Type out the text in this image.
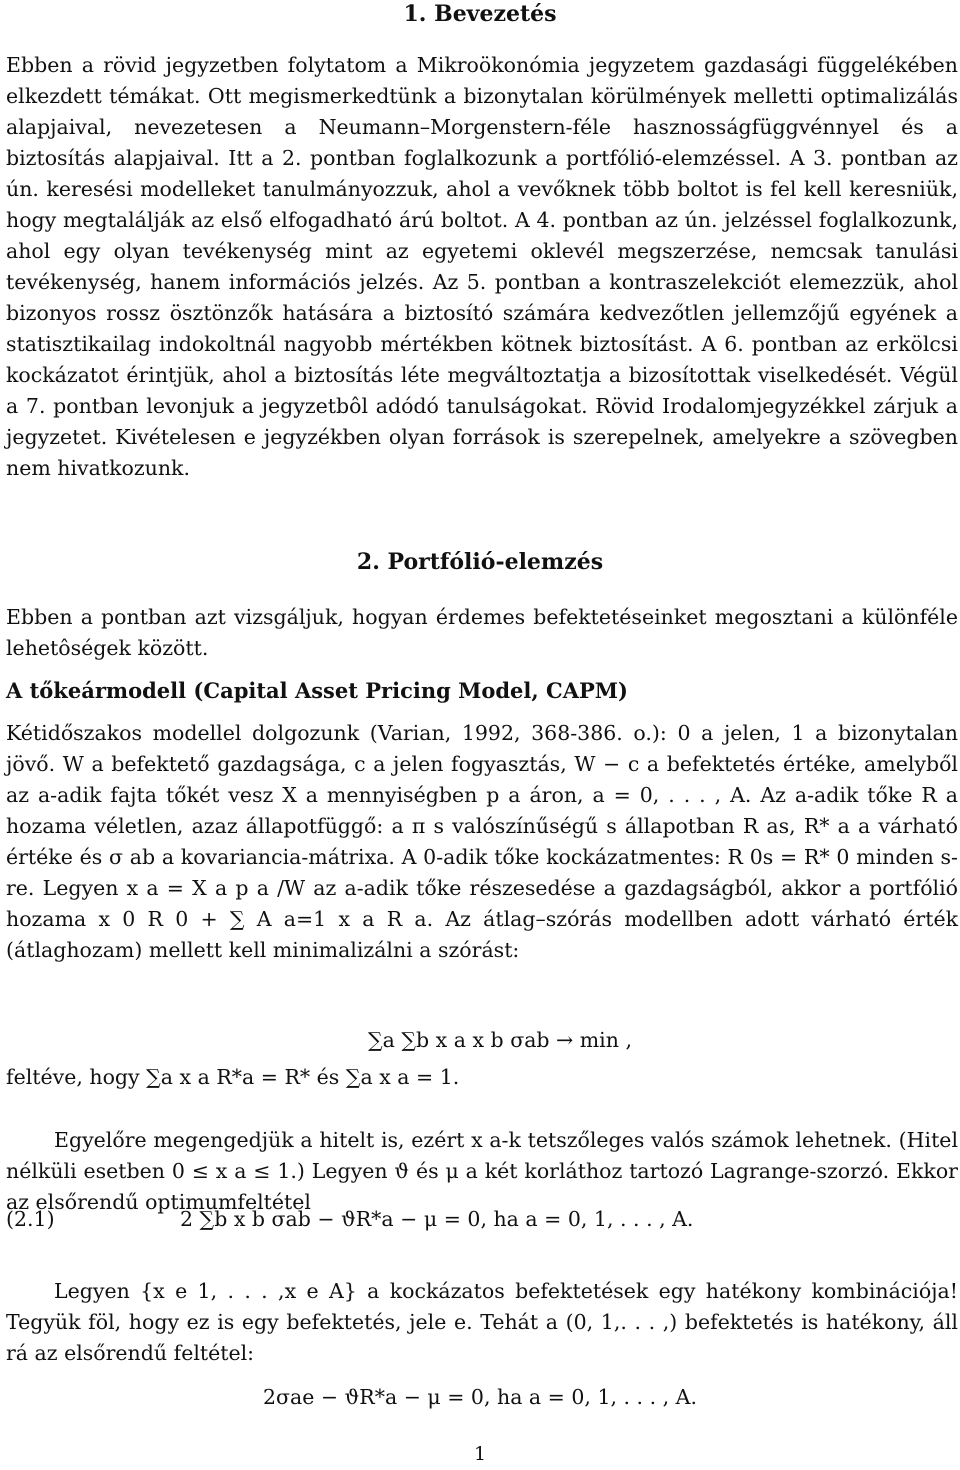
1. Bevezetés

Ebben a rövid jegyzetben folytatom a Mikroökonómia jegyzetem gazdasági függelékében elkezdett témákat. Ott megismerkedtünk a bizonytalan körülmények melletti optimalizálás alapjaival, nevezetesen a Neumann–Morgenstern-féle hasznosságfüggvénnyel és a biztosítás alapjaival. Itt a 2. pontban foglalkozunk a portfólió-elemzéssel. A 3. pontban az ún. keresési modelleket tanulmányozzuk, ahol a vevőknek több boltot is fel kell keresniük, hogy megtalálják az első elfogadható árú boltot. A 4. pontban az ún. jelzéssel foglalkozunk, ahol egy olyan tevékenység mint az egyetemi oklevél megszerzése, nemcsak tanulási tevékenység, hanem információs jelzés. Az 5. pontban a kontraszelekciót elemezzük, ahol bizonyos rossz ösztönzők hatására a biztosító számára kedvezőtlen jellemzőjű egyének a statisztikailag indokoltnál nagyobb mértékben kötnek biztosítást. A 6. pontban az erkölcsi kockázatot érintjük, ahol a biztosítás léte megváltoztatja a bizosítottak viselkedését. Végül a 7. pontban levonjuk a jegyzetbôl adódó tanulságokat. Rövid Irodalomjegyzékkel zárjuk a jegyzetet. Kivételesen e jegyzékben olyan források is szerepelnek, amelyekre a szövegben nem hivatkozunk.

2. Portfólió-elemzés

Ebben a pontban azt vizsgáljuk, hogyan érdemes befektetéseinket megosztani a különféle lehetôségek között.

A tőkeármodell (Capital Asset Pricing Model, CAPM)

Kétidőszakos modellel dolgozunk (Varian, 1992, 368-386. o.): 0 a jelen, 1 a bizonytalan jövő. W a befektető gazdagsága, c a jelen fogyasztás, W − c a befektetés értéke, amelyből az a-adik fajta tőkét vesz X a mennyiségben p a áron, a = 0, . . . , A. Az a-adik tőke R a hozama véletlen, azaz állapotfüggő: a π s valószínűségű s állapotban R as, R* a a várható értéke és σ ab a kovariancia-mátrixa. A 0-adik tőke kockázatmentes: R 0s = R* 0 minden s-re. Legyen x a = X a p a /W az a-adik tőke részesedése a gazdagságból, akkor a portfólió hozama x 0 R 0 + ∑ A a=1 x a R a. Az átlag–szórás modellben adott várható érték (átlaghozam) mellett kell minimalizálni a szórást:

∑a ∑b x a x b σab → min ,

feltéve, hogy ∑a x a R*a = R* és ∑a x a = 1.

Egyelőre megengedjük a hitelt is, ezért x a-k tetszőleges valós számok lehetnek. (Hitel nélküli esetben 0 ≤ x a ≤ 1.) Legyen ϑ és μ a két korláthoz tartozó Lagrange-szorzó. Ekkor az elsőrendű optimumfeltétel

(2.1)	2 ∑b x b σab − ϑR*a − μ = 0, ha a = 0, 1, . . . , A.

Legyen {x e 1, . . . ,x e A} a kockázatos befektetések egy hatékony kombinációja! Tegyük föl, hogy ez is egy befektetés, jele e. Tehát a (0, 1,. . . ,) befektetés is hatékony, áll rá az elsőrendű feltétel:

2σae − ϑR*a − μ = 0, ha a = 0, 1, . . . , A.
1
